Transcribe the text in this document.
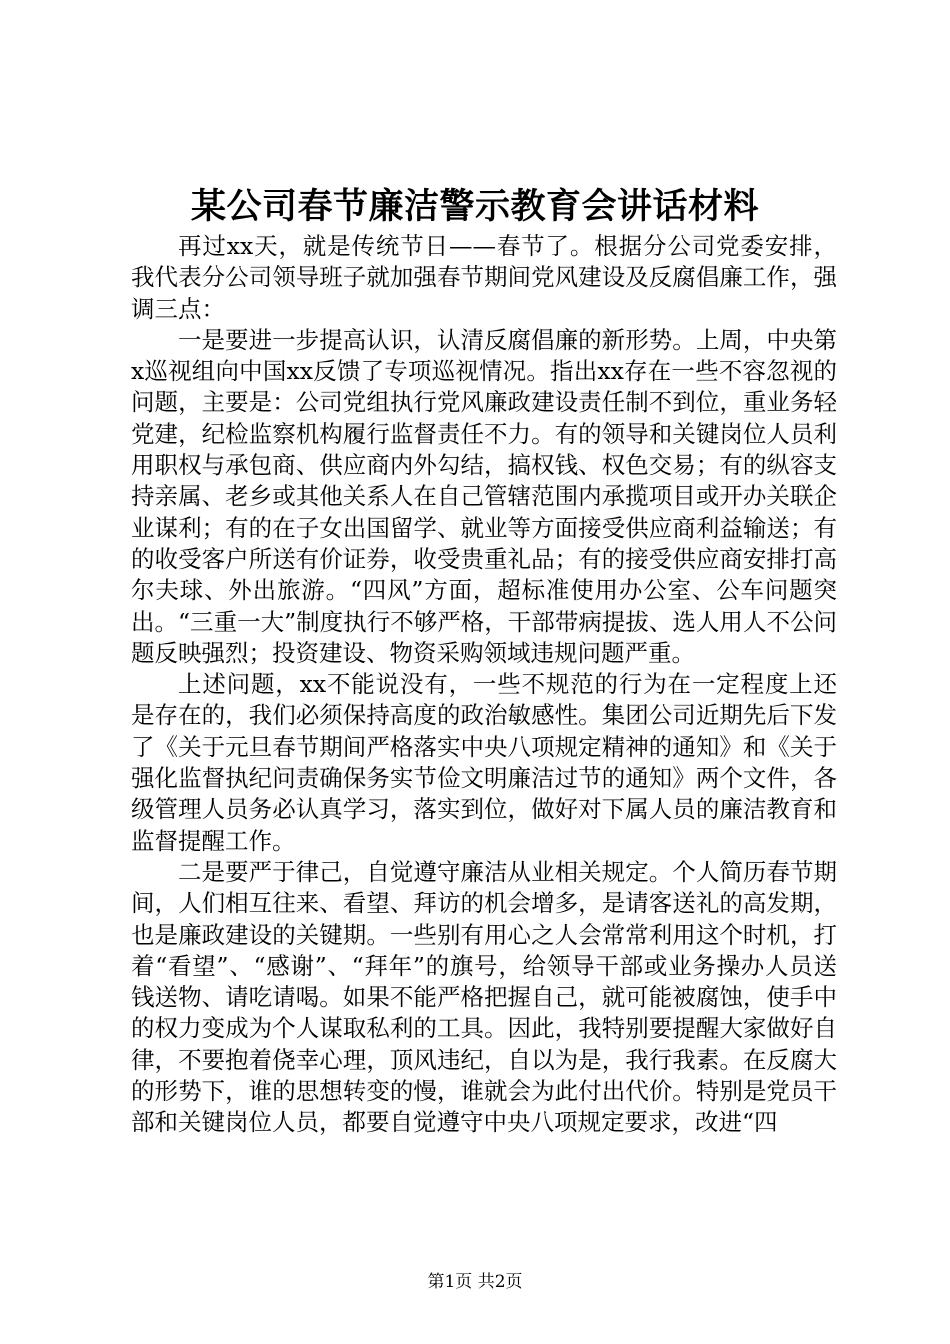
某公司春节廉洁警示教育会讲话材料

再过xx天，就是传统节日——春节了。根据分公司党委安排，我代表分公司领导班子就加强春节期间党风建设及反腐倡廉工作，强调三点：

一是要进一步提高认识，认清反腐倡廉的新形势。上周，中央第x巡视组向中国xx反馈了专项巡视情况。指出xx存在一些不容忽视的问题，主要是：公司党组执行党风廉政建设责任制不到位，重业务轻党建，纪检监察机构履行监督责任不力。有的领导和关键岗位人员利用职权与承包商、供应商内外勾结，搞权钱、权色交易；有的纵容支持亲属、老乡或其他关系人在自己管辖范围内承揽项目或开办关联企业谋利；有的在子女出国留学、就业等方面接受供应商利益输送；有的收受客户所送有价证券，收受贵重礼品；有的接受供应商安排打高尔夫球、外出旅游。“四风”方面，超标准使用办公室、公车问题突出。“三重一大”制度执行不够严格，干部带病提拔、选人用人不公问题反映强烈；投资建设、物资采购领域违规问题严重。

上述问题，xx不能说没有，一些不规范的行为在一定程度上还是存在的，我们必须保持高度的政治敏感性。集团公司近期先后下发了《关于元旦春节期间严格落实中央八项规定精神的通知》和《关于强化监督执纪问责确保务实节俭文明廉洁过节的通知》两个文件，各级管理人员务必认真学习，落实到位，做好对下属人员的廉洁教育和监督提醒工作。

二是要严于律己，自觉遵守廉洁从业相关规定。个人简历春节期间，人们相互往来、看望、拜访的机会增多，是请客送礼的高发期，也是廉政建设的关键期。一些别有用心之人会常常利用这个时机，打着“看望”、“感谢”、“拜年”的旗号，给领导干部或业务操办人员送钱送物、请吃请喝。如果不能严格把握自己，就可能被腐蚀，使手中的权力变成为个人谋取私利的工具。因此，我特别要提醒大家做好自律，不要抱着侥幸心理，顶风违纪，自以为是，我行我素。在反腐大的形势下，谁的思想转变的慢，谁就会为此付出代价。特别是党员干部和关键岗位人员，都要自觉遵守中央八项规定要求，改进“四

第1页 共2页
